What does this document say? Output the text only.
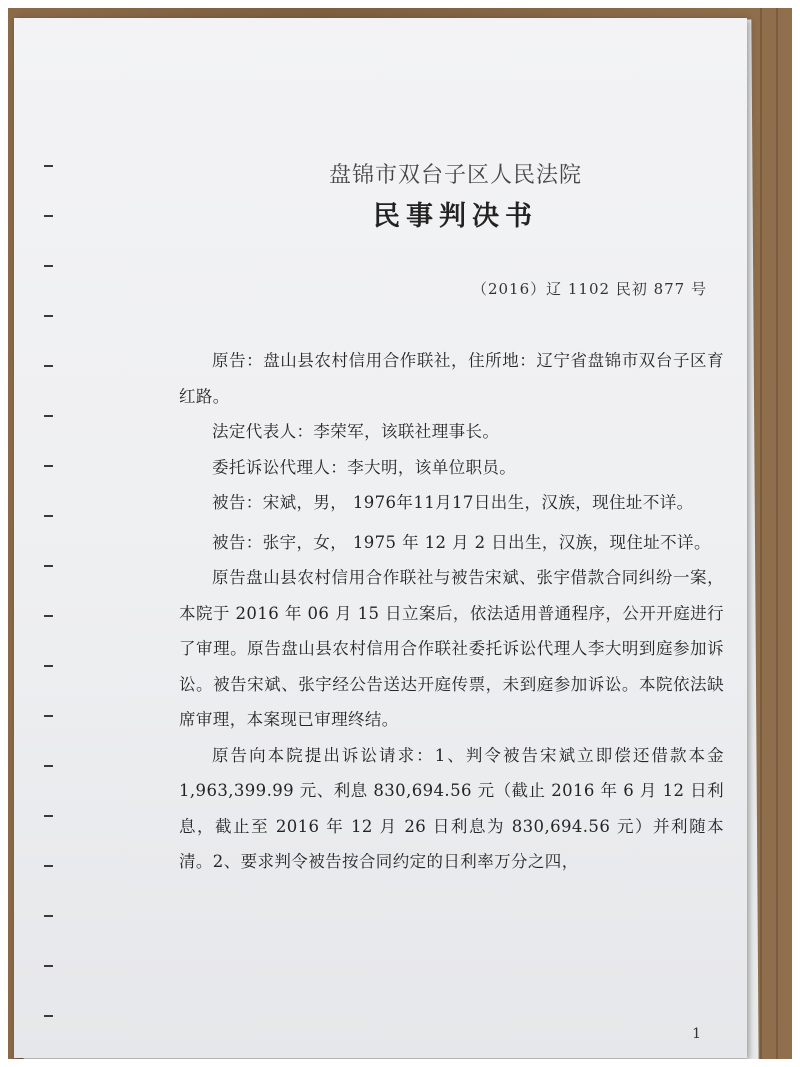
盘锦市双台子区人民法院
民事判决书
（2016）辽 1102 民初 877 号

原告：盘山县农村信用合作联社，住所地：辽宁省盘锦市双台子区育红路。

法定代表人：李荣军，该联社理事长。

委托诉讼代理人：李大明，该单位职员。

被告：宋斌，男， 1976年11月17日出生，汉族，现住址不详。

被告：张宇，女， 1975 年 12 月 2 日出生，汉族，现住址不详。

原告盘山县农村信用合作联社与被告宋斌、张宇借款合同纠纷一案，本院于 2016 年 06 月 15 日立案后，依法适用普通程序，公开开庭进行了审理。原告盘山县农村信用合作联社委托诉讼代理人李大明到庭参加诉讼。被告宋斌、张宇经公告送达开庭传票，未到庭参加诉讼。本院依法缺席审理，本案现已审理终结。

原告向本院提出诉讼请求：1、判令被告宋斌立即偿还借款本金 1,963,399.99 元、利息 830,694.56 元（截止 2016 年 6 月 12 日利息，截止至 2016 年 12 月 26 日利息为 830,694.56 元）并利随本清。2、要求判令被告按合同约定的日利率万分之四，

1
